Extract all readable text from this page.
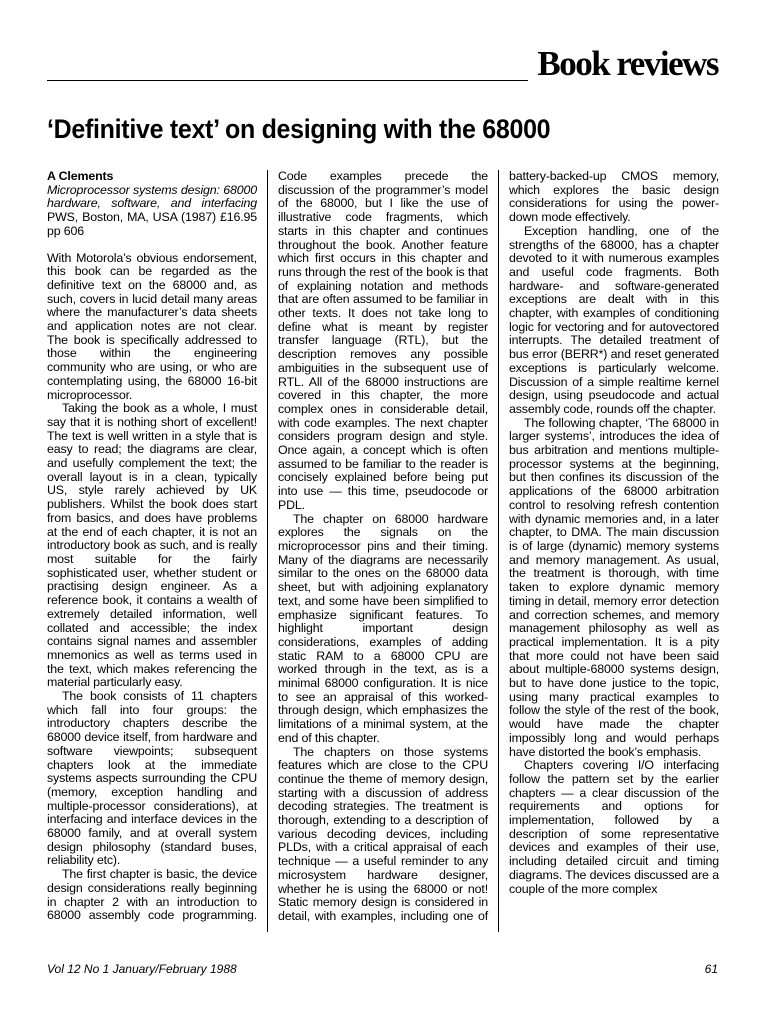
Book reviews
‘Definitive text’ on designing with the 68000

A Clements

Microprocessor systems design: 68000 hardware, software, and interfacing PWS, Boston, MA, USA (1987) £16.95 pp 606

With Motorola’s obvious endorsement, this book can be regarded as the definitive text on the 68000 and, as such, covers in lucid detail many areas where the manufacturer’s data sheets and application notes are not clear. The book is specifically addressed to those within the engineering community who are using, or who are contemplating using, the 68000 16-bit microprocessor.

Taking the book as a whole, I must say that it is nothing short of excellent! The text is well written in a style that is easy to read; the diagrams are clear, and usefully complement the text; the overall layout is in a clean, typically US, style rarely achieved by UK publishers. Whilst the book does start from basics, and does have problems at the end of each chapter, it is not an introductory book as such, and is really most suitable for the fairly sophisticated user, whether student or practising design engineer. As a reference book, it contains a wealth of extremely detailed information, well collated and accessible; the index contains signal names and assembler mnemonics as well as terms used in the text, which makes referencing the material particularly easy.

The book consists of 11 chapters which fall into four groups: the introductory chapters describe the 68000 device itself, from hardware and software viewpoints; subsequent chapters look at the immediate systems aspects surrounding the CPU (memory, exception handling and multiple-processor considerations), at interfacing and interface devices in the 68000 family, and at overall system design philosophy (standard buses, reliability etc).

The first chapter is basic, the device design considerations really beginning in chapter 2 with an introduction to 68000 assembly code programming. Code examples precede the discussion of the programmer’s model of the 68000, but I like the use of illustrative code fragments, which starts in this chapter and continues throughout the book. Another feature which first occurs in this chapter and runs through the rest of the book is that of explaining notation and methods that are often assumed to be familiar in other texts. It does not take long to define what is meant by register transfer language (RTL), but the description removes any possible ambiguities in the subsequent use of RTL. All of the 68000 instructions are covered in this chapter, the more complex ones in considerable detail, with code examples. The next chapter considers program design and style. Once again, a concept which is often assumed to be familiar to the reader is concisely explained before being put into use — this time, pseudocode or PDL.

The chapter on 68000 hardware explores the signals on the microprocessor pins and their timing. Many of the diagrams are necessarily similar to the ones on the 68000 data sheet, but with adjoining explanatory text, and some have been simplified to emphasize significant features. To highlight important design considerations, examples of adding static RAM to a 68000 CPU are worked through in the text, as is a minimal 68000 configuration. It is nice to see an appraisal of this worked-through design, which emphasizes the limitations of a minimal system, at the end of this chapter.

The chapters on those systems features which are close to the CPU continue the theme of memory design, starting with a discussion of address decoding strategies. The treatment is thorough, extending to a description of various decoding devices, including PLDs, with a critical appraisal of each technique — a useful reminder to any microsystem hardware designer, whether he is using the 68000 or not! Static memory design is considered in detail, with examples, including one of battery-backed-up CMOS memory, which explores the basic design considerations for using the power-down mode effectively.

Exception handling, one of the strengths of the 68000, has a chapter devoted to it with numerous examples and useful code fragments. Both hardware- and software-generated exceptions are dealt with in this chapter, with examples of conditioning logic for vectoring and for autovectored interrupts. The detailed treatment of bus error (BERR*) and reset generated exceptions is particularly welcome. Discussion of a simple realtime kernel design, using pseudocode and actual assembly code, rounds off the chapter.

The following chapter, ‘The 68000 in larger systems’, introduces the idea of bus arbitration and mentions multiple-processor systems at the beginning, but then confines its discussion of the applications of the 68000 arbitration control to resolving refresh contention with dynamic memories and, in a later chapter, to DMA. The main discussion is of large (dynamic) memory systems and memory management. As usual, the treatment is thorough, with time taken to explore dynamic memory timing in detail, memory error detection and correction schemes, and memory management philosophy as well as practical implementation. It is a pity that more could not have been said about multiple-68000 systems design, but to have done justice to the topic, using many practical examples to follow the style of the rest of the book, would have made the chapter impossibly long and would perhaps have distorted the book’s emphasis.

Chapters covering I/O interfacing follow the pattern set by the earlier chapters — a clear discussion of the requirements and options for implementation, followed by a description of some representative devices and examples of their use, including detailed circuit and timing diagrams. The devices discussed are a couple of the more complex

Vol 12 No 1 January/February 1988	61
